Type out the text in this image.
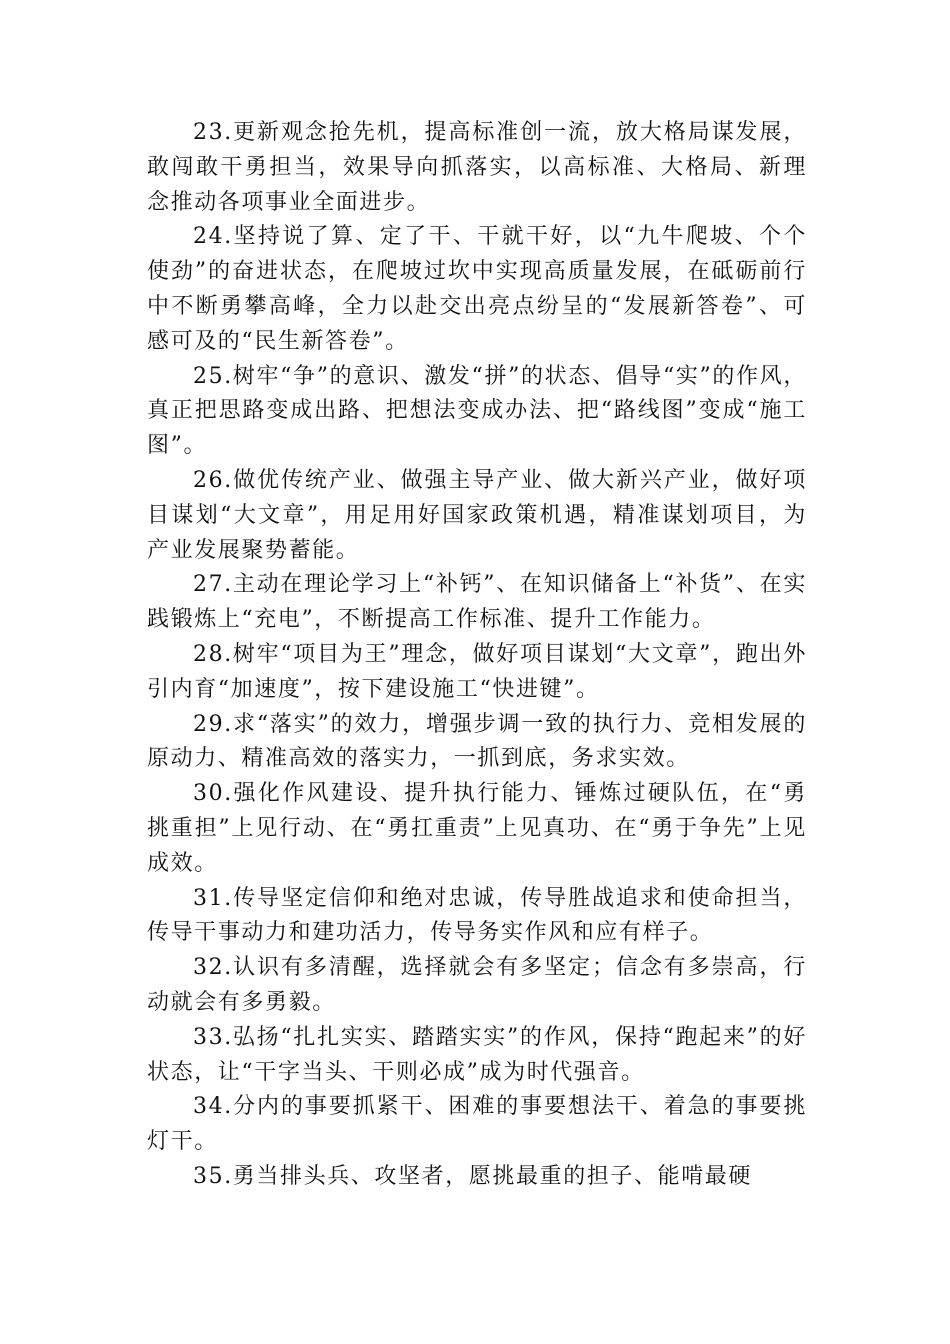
23.更新观念抢先机，提高标准创一流，放大格局谋发展，敢闯敢干勇担当，效果导向抓落实，以高标准、大格局、新理念推动各项事业全面进步。

24.坚持说了算、定了干、干就干好，以“九牛爬坡、个个使劲”的奋进状态，在爬坡过坎中实现高质量发展，在砥砺前行中不断勇攀高峰，全力以赴交出亮点纷呈的“发展新答卷”、可感可及的“民生新答卷”。

25.树牢“争”的意识、激发“拼”的状态、倡导“实”的作风，真正把思路变成出路、把想法变成办法、把“路线图”变成“施工图”。

26.做优传统产业、做强主导产业、做大新兴产业，做好项目谋划“大文章”，用足用好国家政策机遇，精准谋划项目，为产业发展聚势蓄能。

27.主动在理论学习上“补钙”、在知识储备上“补货”、在实践锻炼上“充电”，不断提高工作标准、提升工作能力。

28.树牢“项目为王”理念，做好项目谋划“大文章”，跑出外引内育“加速度”，按下建设施工“快进键”。

29.求“落实”的效力，增强步调一致的执行力、竞相发展的原动力、精准高效的落实力，一抓到底，务求实效。

30.强化作风建设、提升执行能力、锤炼过硬队伍，在“勇挑重担”上见行动、在“勇扛重责”上见真功、在“勇于争先”上见成效。

31.传导坚定信仰和绝对忠诚，传导胜战追求和使命担当，传导干事动力和建功活力，传导务实作风和应有样子。

32.认识有多清醒，选择就会有多坚定；信念有多崇高，行动就会有多勇毅。

33.弘扬“扎扎实实、踏踏实实”的作风，保持“跑起来”的好状态，让“干字当头、干则必成”成为时代强音。

34.分内的事要抓紧干、困难的事要想法干、着急的事要挑灯干。

35.勇当排头兵、攻坚者，愿挑最重的担子、能啃最硬
